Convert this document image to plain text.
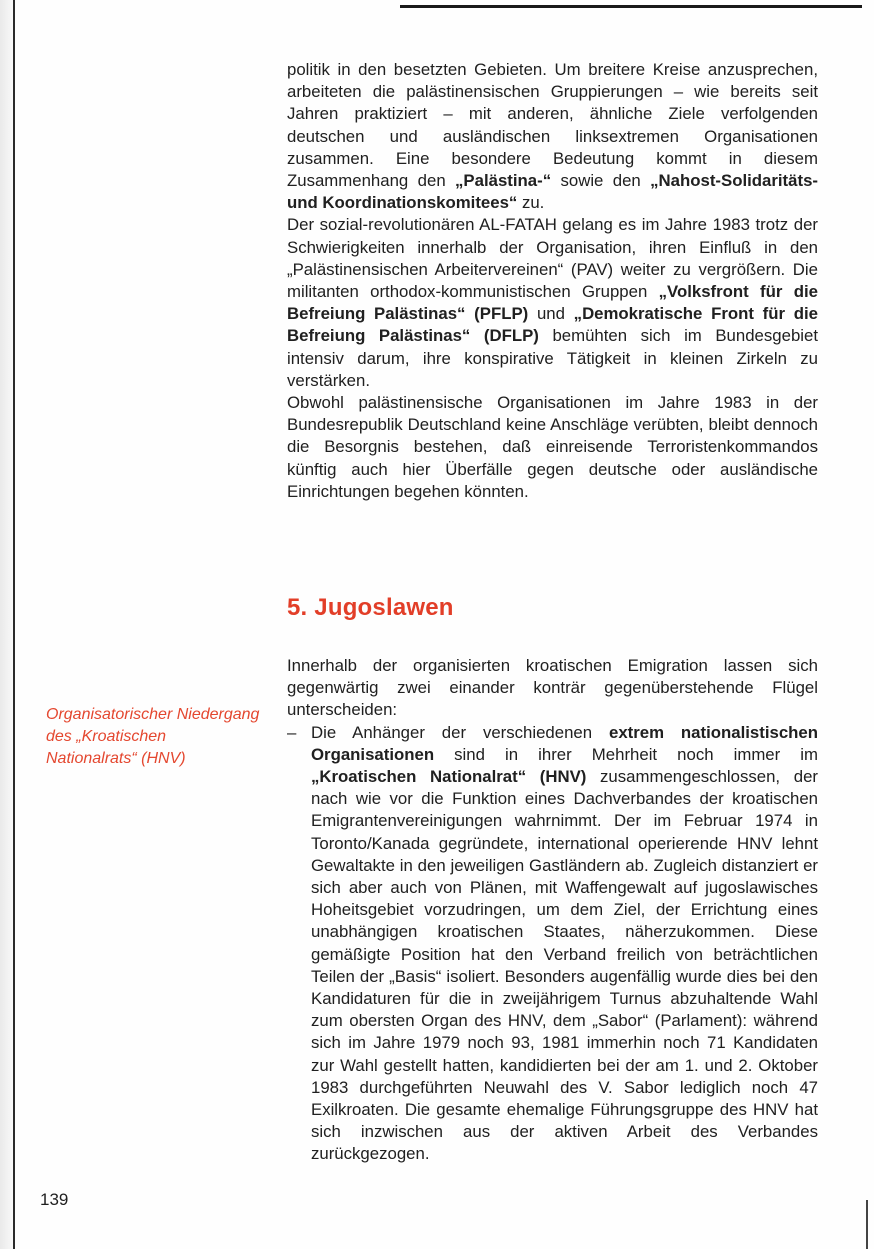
politik in den besetzten Gebieten. Um breitere Kreise anzusprechen, arbeiteten die palästinensischen Gruppierungen – wie bereits seit Jahren praktiziert – mit anderen, ähnliche Ziele verfolgenden deutschen und ausländischen linksextremen Organisationen zusammen. Eine besondere Bedeutung kommt in diesem Zusammenhang den „Palästina-“ sowie den „Nahost-Solidaritäts- und Koordinationskomitees“ zu.

Der sozial-revolutionären AL-FATAH gelang es im Jahre 1983 trotz der Schwierigkeiten innerhalb der Organisation, ihren Einfluß in den „Palästinensischen Arbeitervereinen“ (PAV) weiter zu vergrößern. Die militanten orthodox-kommunistischen Gruppen „Volksfront für die Befreiung Palästinas“ (PFLP) und „Demokratische Front für die Befreiung Palästinas“ (DFLP) bemühten sich im Bundesgebiet intensiv darum, ihre konspirative Tätigkeit in kleinen Zirkeln zu verstärken.

Obwohl palästinensische Organisationen im Jahre 1983 in der Bundesrepublik Deutschland keine Anschläge verübten, bleibt dennoch die Besorgnis bestehen, daß einreisende Terroristenkommandos künftig auch hier Überfälle gegen deutsche oder ausländische Einrichtungen begehen könnten.

5. Jugoslawen
Organisatorischer Niedergang des „Kroatischen Nationalrats“ (HNV)

Innerhalb der organisierten kroatischen Emigration lassen sich gegenwärtig zwei einander konträr gegenüberstehende Flügel unterscheiden:

– Die Anhänger der verschiedenen extrem nationalistischen Organisationen sind in ihrer Mehrheit noch immer im „Kroatischen Nationalrat“ (HNV) zusammengeschlossen, der nach wie vor die Funktion eines Dachverbandes der kroatischen Emigrantenvereinigungen wahrnimmt. Der im Februar 1974 in Toronto/Kanada gegründete, international operierende HNV lehnt Gewaltakte in den jeweiligen Gastländern ab. Zugleich distanziert er sich aber auch von Plänen, mit Waffengewalt auf jugoslawisches Hoheitsgebiet vorzudringen, um dem Ziel, der Errichtung eines unabhängigen kroatischen Staates, näherzukommen. Diese gemäßigte Position hat den Verband freilich von beträchtlichen Teilen der „Basis“ isoliert. Besonders augenfällig wurde dies bei den Kandidaturen für die in zweijährigem Turnus abzuhaltende Wahl zum obersten Organ des HNV, dem „Sabor“ (Parlament): während sich im Jahre 1979 noch 93, 1981 immerhin noch 71 Kandidaten zur Wahl gestellt hatten, kandidierten bei der am 1. und 2. Oktober 1983 durchgeführten Neuwahl des V. Sabor lediglich noch 47 Exilkroaten. Die gesamte ehemalige Führungsgruppe des HNV hat sich inzwischen aus der aktiven Arbeit des Verbandes zurückgezogen.

139
